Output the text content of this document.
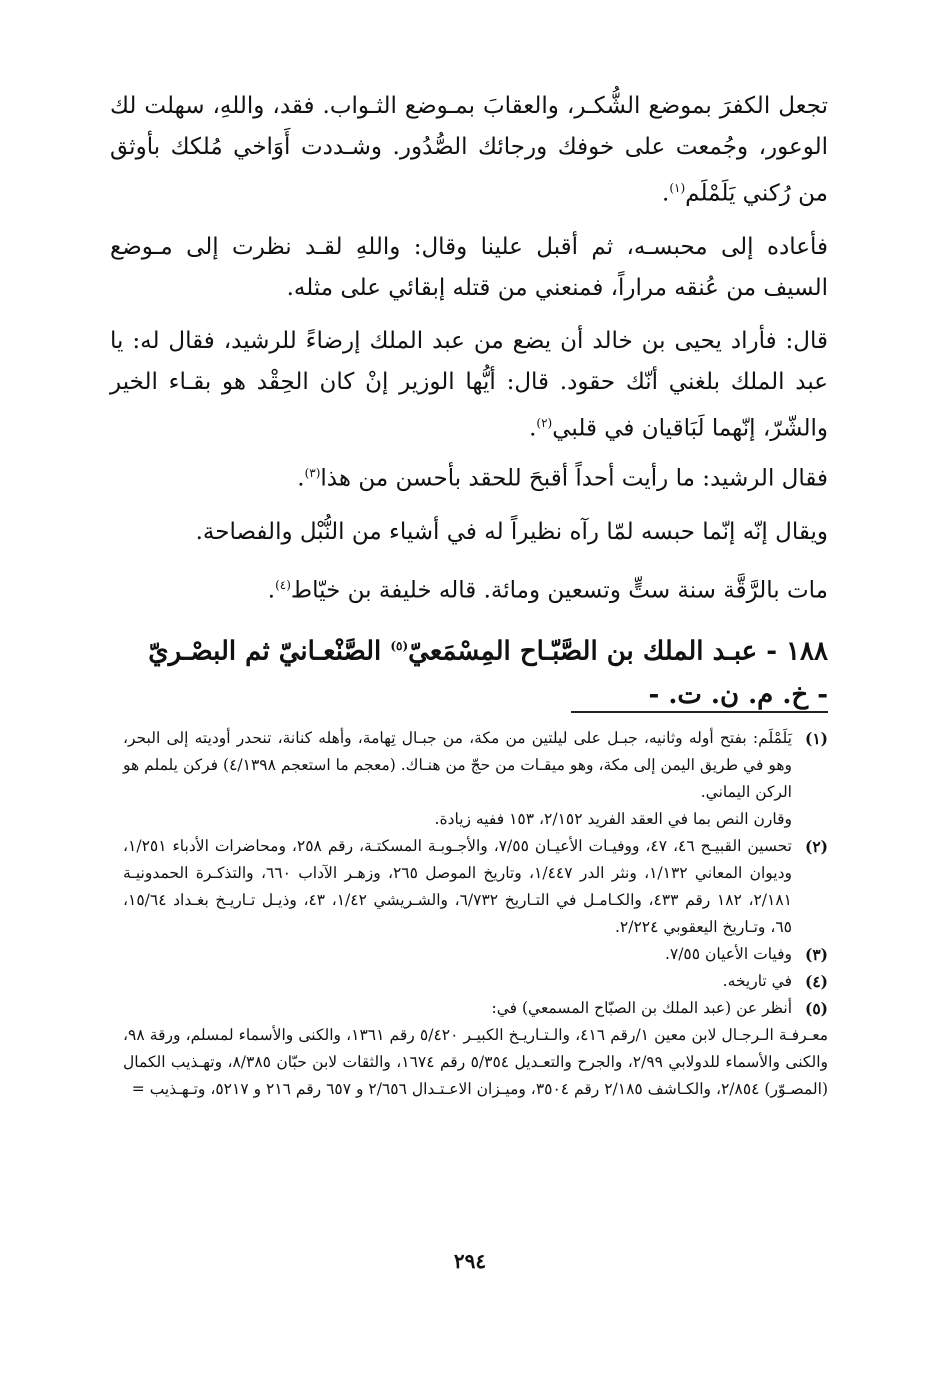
تجعل الكفرَ بموضع الشُّكـر، والعقابَ بمـوضع الثـواب. فقد، واللهِ، سهلت لك الوعور، وجُمعت على خوفك ورجائك الصُّدُور. وشـددت أَوَاخي مُلكك بأوثق من رُكني يَلَمْلَم$^{(١)}$.

فأعاده إلى محبسـه، ثم أقبل علينا وقال: واللهِ لقـد نظرت إلى مـوضع السيف من عُنقه مراراً، فمنعني من قتله إبقائي على مثله.

قال: فأراد يحيى بن خالد أن يضع من عبد الملك إرضاءً للرشيد، فقال له: يا عبد الملك بلغني أنّك حقود. قال: أيُّها الوزير إنْ كان الحِقْد هو بقـاء الخير والشّرّ، إنّهما لَبَاقيان في قلبي$^{(٢)}$.

فقال الرشيد: ما رأيت أحداً أقبحَ للحقد بأحسن من هذا$^{(٣)}$.

ويقال إنّه إنّما حبسه لمّا رآه نظيراً له في أشياء من النُّبْل والفصاحة.

مات بالرَّقَّة سنة ستٍّ وتسعين ومائة. قاله خليفة بن خيّاط$^{(٤)}$.

١٨٨ - عبـد الملك بن الصَّبّـاح المِسْمَعيّ$^{(٥)}$ الصَّنْعـانيّ ثم البصْـريّ

- خ. م. ن. ت. -

(١)
يَلَمْلَم: بفتح أوله وثانيه، جبـل على ليلتين من مكة، من جبـال تِهامة، وأهله كنانة، تنحدر أوديته إلى البحر، وهو في طريق اليمن إلى مكة، وهو ميقـات من حجّ من هنـاك. (معجم ما استعجم ٤/١٣٩٨) فركن يلملم هو الركن اليماني.
وقارن النص بما في العقد الفريد ٢/١٥٢، ١٥٣ ففيه زيادة.
(٢)
تحسين القبيـح ٤٦، ٤٧، ووفيـات الأعيـان ٧/٥٥، والأجـوبـة المسكتـة، رقم ٢٥٨، ومحاضرات الأدباء ١/٢٥١، وديوان المعاني ١/١٣٢، ونثر الدر ١/٤٤٧، وتاريخ الموصل ٢٦٥، وزهـر الآداب ٦٦٠، والتذكـرة الحمدونيـة ٢/١٨١، ١٨٢ رقم ٤٣٣، والكـامـل في التـاريخ ٦/٧٣٢، والشـريشي ١/٤٢، ٤٣، وذيـل تـاريـخ بغـداد ١٥/٦٤، ٦٥، وتـاريخ اليعقوبي ٢/٢٢٤.
(٣)
وفيات الأعيان ٧/٥٥.
(٤)
في تاريخه.
(٥)
أنظر عن (عبد الملك بن الصبّاح المسمعي) في:
معـرفـة الـرجـال لابن معين ١/رقم ٤١٦، والـتـاريـخ الكبيـر ٥/٤٢٠ رقم ١٣٦١، والكنى والأسماء لمسلم، ورقة ٩٨، والكنى والأسماء للدولابي ٢/٩٩، والجرح والتعـديل ٥/٣٥٤ رقم ١٦٧٤، والثقات لابن حبّان ٨/٣٨٥، وتهـذيب الكمال (المصـوّر) ٢/٨٥٤، والكـاشف ٢/١٨٥ رقم ٣٥٠٤، وميـزان الاعـتـدال ٢/٦٥٦ و ٦٥٧ رقم ٢١٦ و ٥٢١٧، وتـهـذيب =
٢٩٤
